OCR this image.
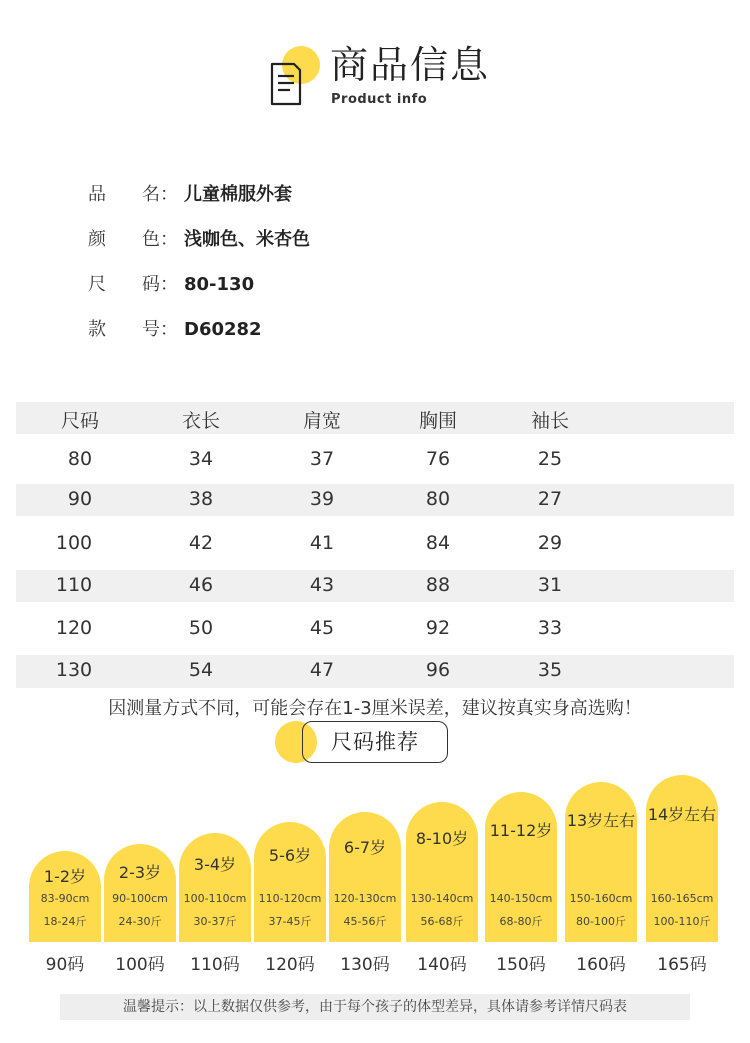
商品信息
Product info
品 名： 儿童棉服外套
颜 色： 浅咖色、米杏色
尺 码： 80-130
款 号： D60282
尺码	衣长	肩宽	胸围	袖长
80	34	37	76	25
90	38	39	80	27
100	42	41	84	29
110	46	43	88	31
120	50	45	92	33
130	54	47	96	35
因测量方式不同，可能会存在1-3厘米误差，建议按真实身高选购！
尺码推荐
1-2岁
83-90cm
18-24斤
90码
2-3岁
90-100cm
24-30斤
100码
3-4岁
100-110cm
30-37斤
110码
5-6岁
110-120cm
37-45斤
120码
6-7岁
120-130cm
45-56斤
130码
8-10岁
130-140cm
56-68斤
140码
11-12岁
140-150cm
68-80斤
150码
13岁左右
150-160cm
80-100斤
160码
14岁左右
160-165cm
100-110斤
165码
温馨提示：以上数据仅供参考，由于每个孩子的体型差异，具体请参考详情尺码表
